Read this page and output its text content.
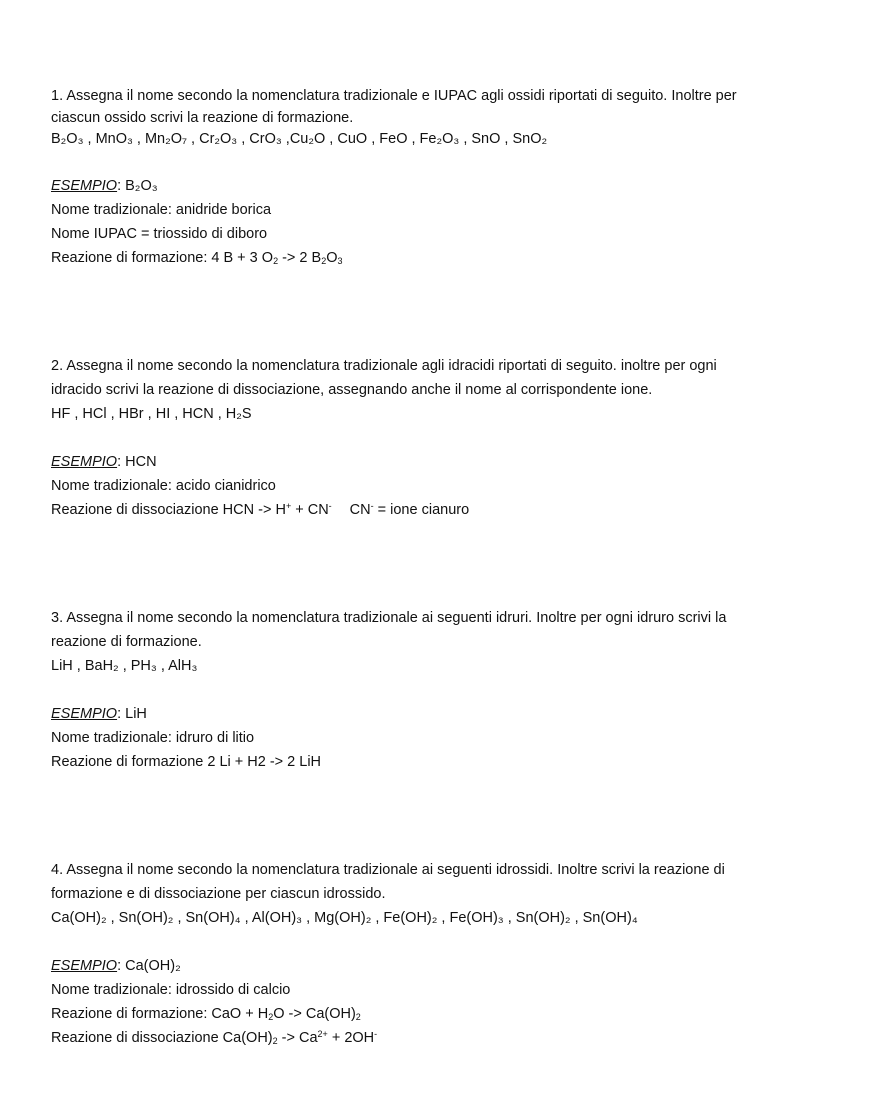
1. Assegna il nome secondo la nomenclatura tradizionale e IUPAC agli ossidi riportati di seguito. Inoltre per
ciascun ossido scrivi la reazione di formazione.
B₂O₃ , MnO₃ , Mn₂O₇ , Cr₂O₃ , CrO₃ ,Cu₂O , CuO , FeO , Fe₂O₃ , SnO , SnO₂
ESEMPIO: B₂O₃
Nome tradizionale: anidride borica
Nome IUPAC = triossido di diboro
Reazione di formazione: 4 B + 3 $O_2 -> 2$ $B_2O_3$
2. Assegna il nome secondo la nomenclatura tradizionale agli idracidi riportati di seguito. inoltre per ogni
idracido scrivi la reazione di dissociazione, assegnando anche il nome al corrispondente ione.
HF , HCl , HBr , HI , HCN , H₂S
ESEMPIO: HCN
Nome tradizionale: acido cianidrico
Reazione di dissociazione HCN -> H+ + CN- CN- = ione cianuro
3. Assegna il nome secondo la nomenclatura tradizionale ai seguenti idruri. Inoltre per ogni idruro scrivi la
reazione di formazione.
LiH , BaH₂ , PH₃ , AlH₃
ESEMPIO: LiH
Nome tradizionale: idruro di litio
Reazione di formazione 2 Li + H2 -> 2 LiH
4. Assegna il nome secondo la nomenclatura tradizionale ai seguenti idrossidi. Inoltre scrivi la reazione di
formazione e di dissociazione per ciascun idrossido.
Ca(OH)₂ , Sn(OH)₂ , Sn(OH)₄ , Al(OH)₃ , Mg(OH)₂ , Fe(OH)₂ , Fe(OH)₃ , Sn(OH)₂ , Sn(OH)₄
ESEMPIO: Ca(OH)₂
Nome tradizionale: idrossido di calcio
Reazione di formazione: CaO + $H_2O -> Ca(OH)_2$
Reazione di dissociazione $Ca(OH)_2 -> Ca^{2+} + 2OH^-$
